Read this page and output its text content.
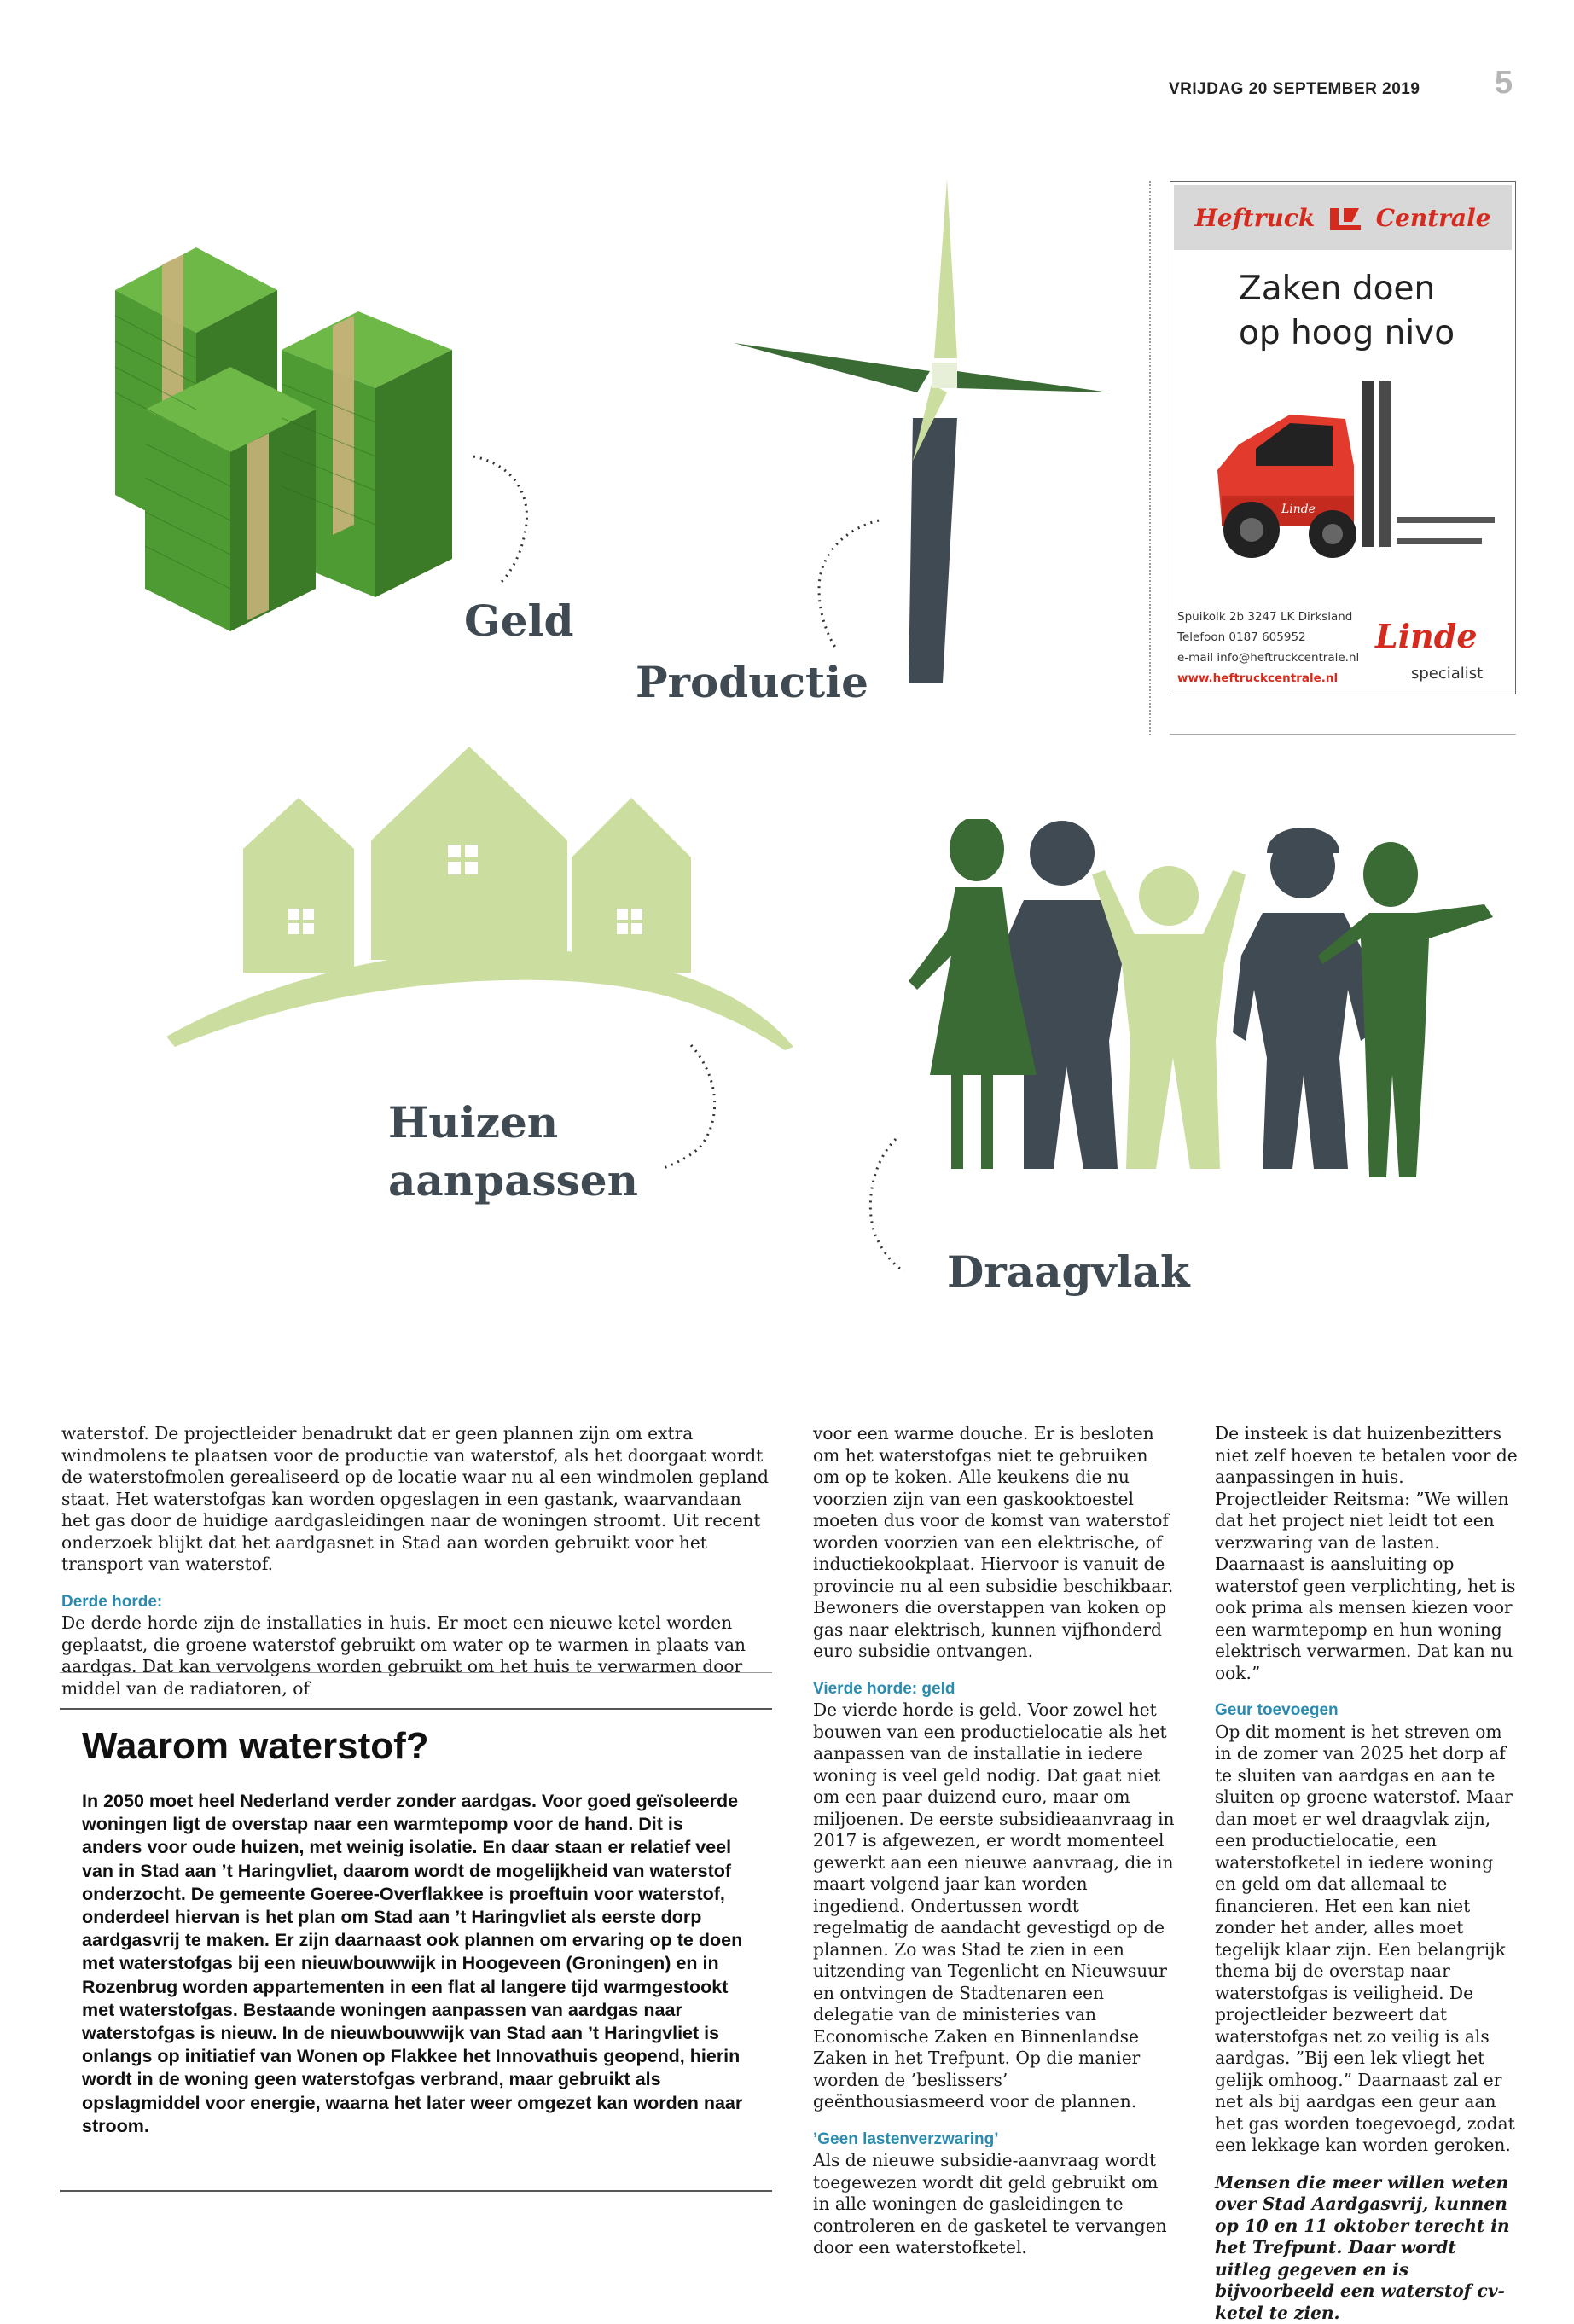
VRIJDAG 20 SEPTEMBER 2019 5
Geld
Productie
Heftruck	Centrale
Zaken doen
op hoog nivo
Linde
Spuikolk 2b 3247 LK Dirksland
Telefoon 0187 605952
e-mail info@heftruckcentrale.nl
www.heftruckcentrale.nl
Linde
specialist
Huizen
aanpassen
Draagvlak

waterstof. De projectleider benadrukt dat er geen plannen zijn om extra windmolens te plaatsen voor de productie van waterstof, als het doorgaat wordt de waterstofmolen gerealiseerd op de locatie waar nu al een windmolen gepland staat. Het waterstofgas kan worden opgeslagen in een gastank, waarvandaan het gas door de huidige aardgasleidingen naar de woningen stroomt. Uit recent onderzoek blijkt dat het aardgasnet in Stad aan worden gebruikt voor het transport van waterstof.

Derde horde:

De derde horde zijn de installaties in huis. Er moet een nieuwe ketel worden geplaatst, die groene waterstof gebruikt om water op te warmen in plaats van aardgas. Dat kan vervolgens worden gebruikt om het huis te verwarmen door middel van de radiatoren, of

Waarom waterstof?
In 2050 moet heel Nederland verder zonder aardgas. Voor goed geïsoleerde woningen ligt de overstap naar een warmtepomp voor de hand. Dit is anders voor oude huizen, met weinig isolatie. En daar staan er relatief veel van in Stad aan ’t Haringvliet, daarom wordt de mogelijkheid van waterstof onderzocht. De gemeente Goeree-Overflakkee is proeftuin voor waterstof, onderdeel hiervan is het plan om Stad aan ’t Haringvliet als eerste dorp aardgasvrij te maken. Er zijn daarnaast ook plannen om ervaring op te doen met waterstofgas bij een nieuwbouwwijk in Hoogeveen (Groningen) en in Rozenbrug worden appartementen in een flat al langere tijd warmgestookt met waterstofgas. Bestaande woningen aanpassen van aardgas naar waterstofgas is nieuw. In de nieuwbouwwijk van Stad aan ’t Haringvliet is onlangs op initiatief van Wonen op Flakkee het Innovathuis geopend, hierin wordt in de woning geen waterstofgas verbrand, maar gebruikt als opslagmiddel voor energie, waarna het later weer omgezet kan worden naar stroom.

voor een warme douche. Er is besloten om het waterstofgas niet te gebruiken om op te koken. Alle keukens die nu voorzien zijn van een gaskooktoestel moeten dus voor de komst van waterstof worden voorzien van een elektrische, of inductiekookplaat. Hiervoor is vanuit de provincie nu al een subsidie beschikbaar. Bewoners die overstappen van koken op gas naar elektrisch, kunnen vijfhonderd euro subsidie ontvangen.

Vierde horde: geld

De vierde horde is geld. Voor zowel het bouwen van een productielocatie als het aanpassen van de installatie in iedere woning is veel geld nodig. Dat gaat niet om een paar duizend euro, maar om miljoenen. De eerste subsidieaanvraag in 2017 is afgewezen, er wordt momenteel gewerkt aan een nieuwe aanvraag, die in maart volgend jaar kan worden ingediend. Ondertussen wordt regelmatig de aandacht gevestigd op de plannen. Zo was Stad te zien in een uitzending van Tegenlicht en Nieuwsuur en ontvingen de Stadtenaren een delegatie van de ministeries van Economische Zaken en Binnenlandse Zaken in het Trefpunt. Op die manier worden de ’beslissers’ geënthousiasmeerd voor de plannen.

’Geen lastenverzwaring’

Als de nieuwe subsidie-aanvraag wordt toegewezen wordt dit geld gebruikt om in alle woningen de gasleidingen te controleren en de gasketel te vervangen door een waterstofketel.

De insteek is dat huizenbezitters niet zelf hoeven te betalen voor de aanpassingen in huis. Projectleider Reitsma: ”We willen dat het project niet leidt tot een verzwaring van de lasten. Daarnaast is aansluiting op waterstof geen verplichting, het is ook prima als mensen kiezen voor een warmtepomp en hun woning elektrisch verwarmen. Dat kan nu ook.”

Geur toevoegen

Op dit moment is het streven om in de zomer van 2025 het dorp af te sluiten van aardgas en aan te sluiten op groene waterstof. Maar dan moet er wel draagvlak zijn, een productielocatie, een waterstofketel in iedere woning en geld om dat allemaal te financieren. Het een kan niet zonder het ander, alles moet tegelijk klaar zijn. Een belangrijk thema bij de overstap naar waterstofgas is veiligheid. De projectleider bezweert dat waterstofgas net zo veilig is als aardgas. ”Bij een lek vliegt het gelijk omhoog.” Daarnaast zal er net als bij aardgas een geur aan het gas worden toegevoegd, zodat een lekkage kan worden geroken.

Mensen die meer willen weten over Stad Aardgasvrij, kunnen op 10 en 11 oktober terecht in het Trefpunt. Daar wordt uitleg gegeven en is bijvoorbeeld een waterstof cv-ketel te zien.
